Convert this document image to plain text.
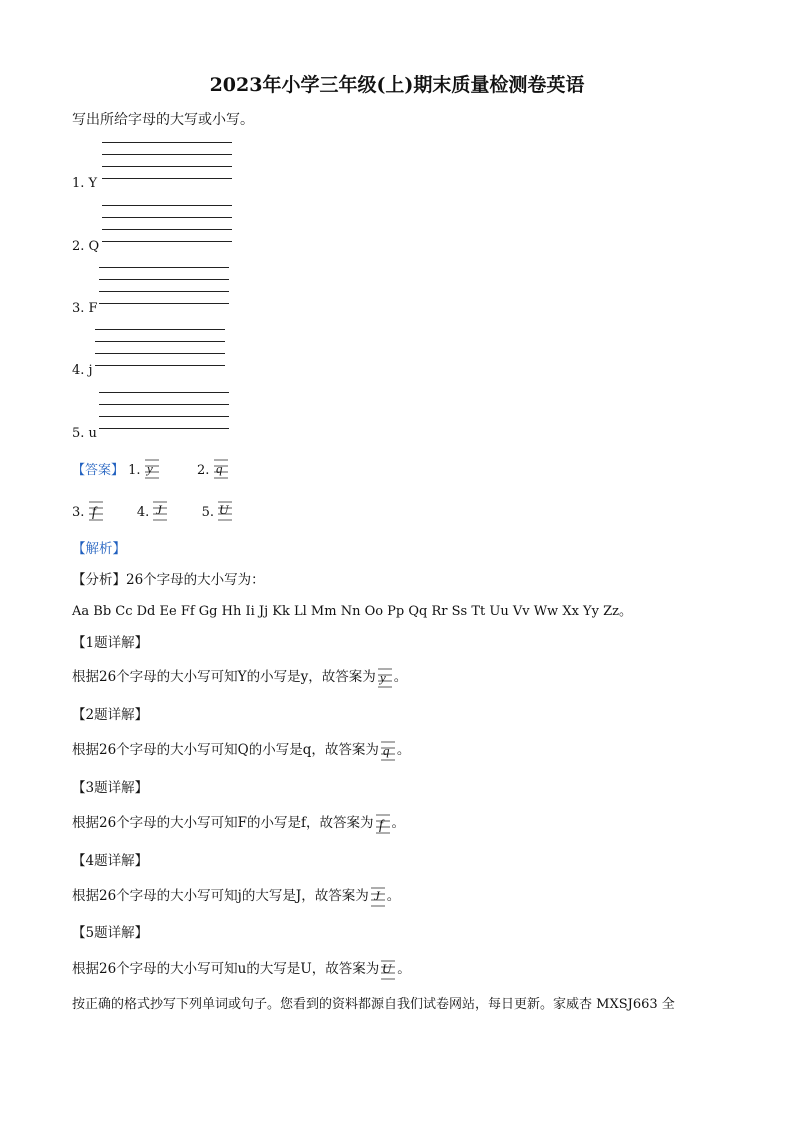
2023年小学三年级(上)期末质量检测卷英语
写出所给字母的大写或小写。
1. Y
2. Q
3. F
4. j
5. u
【答案】 1. y	2. q
3. f	4. J	5. U
【解析】
【分析】26个字母的大小写为：
Aa Bb Cc Dd Ee Ff Gg Hh Ii Jj Kk Ll Mm Nn Oo Pp Qq Rr Ss Tt Uu Vv Ww Xx Yy Zz。
【1题详解】
根据26个字母的大小写可知Y的小写是y，故答案为 y 。
【2题详解】
根据26个字母的大小写可知Q的小写是q，故答案为 q 。
【3题详解】
根据26个字母的大小写可知F的小写是f，故答案为 f 。
【4题详解】
根据26个字母的大小写可知j的大写是J，故答案为 J 。
【5题详解】
根据26个字母的大小写可知u的大写是U，故答案为 U 。
按正确的格式抄写下列单词或句子。您看到的资料都源自我们试卷网站，每日更新。家威杏 MXSJ663 全
